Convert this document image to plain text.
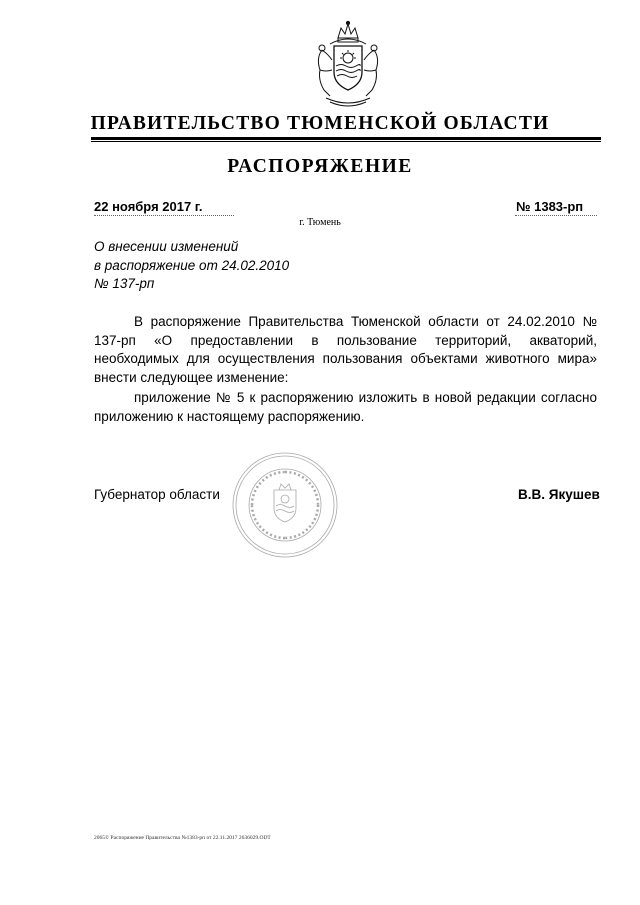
ПРАВИТЕЛЬСТВО ТЮМЕНСКОЙ ОБЛАСТИ
РАСПОРЯЖЕНИЕ
22 ноября 2017 г.	№ 1383-рп
г. Тюмень
О внесении изменений
в распоряжение от 24.02.2010
№ 137-рп

В распоряжение Правительства Тюменской области от 24.02.2010 № 137-рп «О предоставлении в пользование территорий, акваторий, необходимых для осуществления пользования объектами животного мира» внести следующее изменение:

приложение № 5 к распоряжению изложить в новой редакции согласно приложению к настоящему распоряжению.

Губернатор области	В.В. Якушев
2065© Распоряжение Правительства №1383-рп от 22.11.2017 2636029.ODT
